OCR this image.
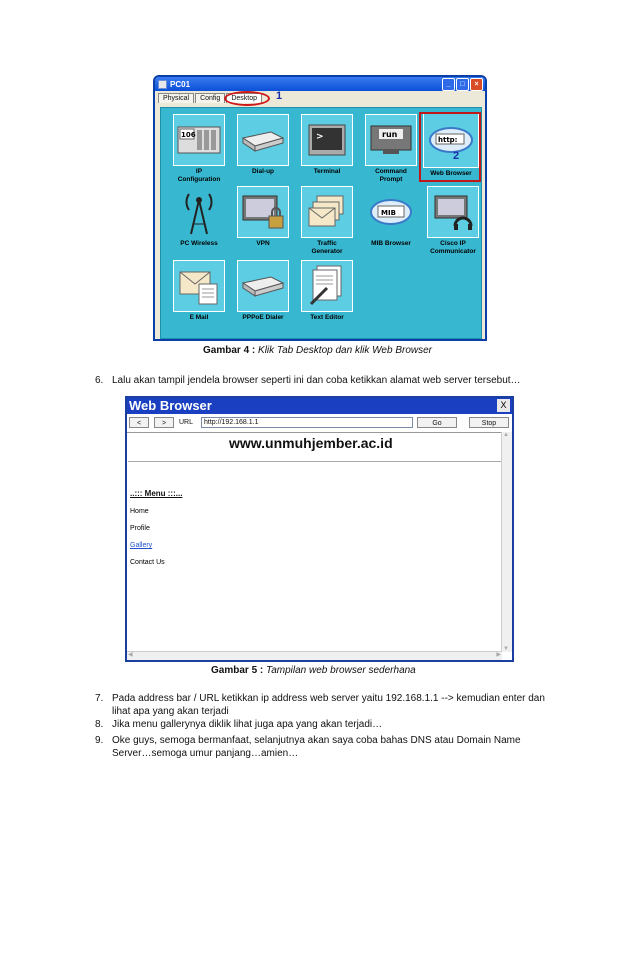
PC01	_	□	×
Physical	Config	Desktop	1
106
IP
Configuration
Dial-up
>
Terminal
run
Command
Prompt
http:
Web Browser
2
PC Wireless	VPN	Traffic
Generator
MIB
MIB Browser	Cisco IP
Communicator
E Mail	PPPoE Dialer	Text Editor
Gambar 4 : Klik Tab Desktop dan klik Web Browser
6. Lalu akan tampil jendela browser seperti ini dan coba ketikkan alamat web server tersebut…
Web Browser	X
<	>	URL	http://192.168.1.1	Go	Stop
www.unmuhjember.ac.id
..::: Menu :::...
Home
Profile
Gallery
Contact Us
▲
▼
◀	▶
Gambar 5 : Tampilan web browser sederhana
7. Pada address bar / URL ketikkan ip address web server yaitu 192.168.1.1 --> kemudian enter dan
lihat apa yang akan terjadi
8. Jika menu gallerynya diklik lihat juga apa yang akan terjadi…
9. Oke guys, semoga bermanfaat, selanjutnya akan saya coba bahas DNS atau Domain Name
Server…semoga umur panjang…amien…
